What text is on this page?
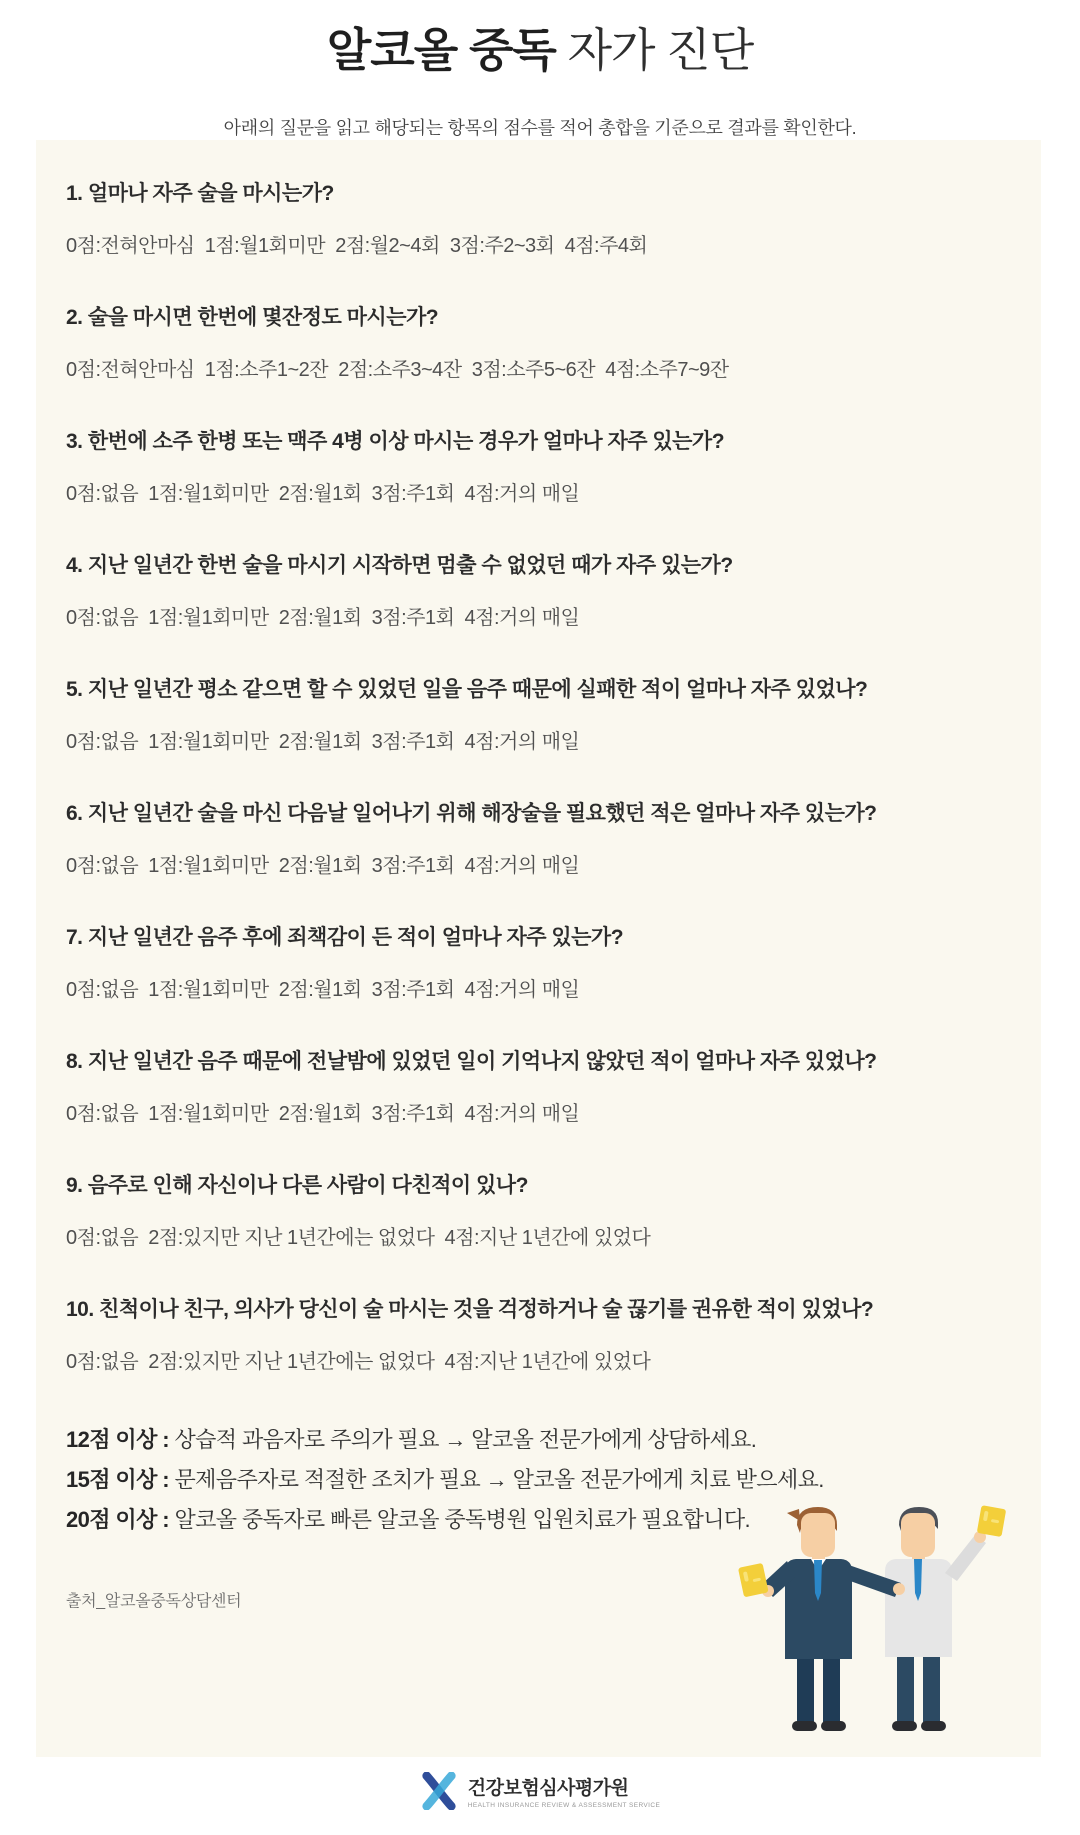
알코올 중독 자가 진단
아래의 질문을 읽고 해당되는 항목의 점수를 적어 총합을 기준으로 결과를 확인한다.
1. 얼마나 자주 술을 마시는가?
0점:전혀안마심  1점:월1회미만  2점:월2~4회  3점:주2~3회  4점:주4회
2. 술을 마시면 한번에 몇잔정도 마시는가?
0점:전혀안마심  1점:소주1~2잔  2점:소주3~4잔  3점:소주5~6잔  4점:소주7~9잔
3. 한번에 소주 한병 또는 맥주 4병 이상 마시는 경우가 얼마나 자주 있는가?
0점:없음  1점:월1회미만  2점:월1회  3점:주1회  4점:거의 매일
4. 지난 일년간 한번 술을 마시기 시작하면 멈출 수 없었던 때가 자주 있는가?
0점:없음  1점:월1회미만  2점:월1회  3점:주1회  4점:거의 매일
5. 지난 일년간 평소 같으면 할 수 있었던 일을 음주 때문에 실패한 적이 얼마나 자주 있었나?
0점:없음  1점:월1회미만  2점:월1회  3점:주1회  4점:거의 매일
6. 지난 일년간 술을 마신 다음날 일어나기 위해 해장술을 필요했던 적은 얼마나 자주 있는가?
0점:없음  1점:월1회미만  2점:월1회  3점:주1회  4점:거의 매일
7. 지난 일년간 음주 후에 죄책감이 든 적이 얼마나 자주 있는가?
0점:없음  1점:월1회미만  2점:월1회  3점:주1회  4점:거의 매일
8. 지난 일년간 음주 때문에 전날밤에 있었던 일이 기억나지 않았던 적이 얼마나 자주 있었나?
0점:없음  1점:월1회미만  2점:월1회  3점:주1회  4점:거의 매일
9. 음주로 인해 자신이나 다른 사람이 다친적이 있나?
0점:없음  2점:있지만 지난 1년간에는 없었다  4점:지난 1년간에 있었다
10. 친척이나 친구, 의사가 당신이 술 마시는 것을 걱정하거나 술 끊기를 권유한 적이 있었나?
0점:없음  2점:있지만 지난 1년간에는 없었다  4점:지난 1년간에 있었다
12점 이상 : 상습적 과음자로 주의가 필요 → 알코올 전문가에게 상담하세요.
15점 이상 : 문제음주자로 적절한 조치가 필요 → 알코올 전문가에게 치료 받으세요.
20점 이상 : 알코올 중독자로 빠른 알코올 중독병원 입원치료가 필요합니다.
출처_알코올중독상담센터
건강보험심사평가원
HEALTH INSURANCE REVIEW & ASSESSMENT SERVICE
